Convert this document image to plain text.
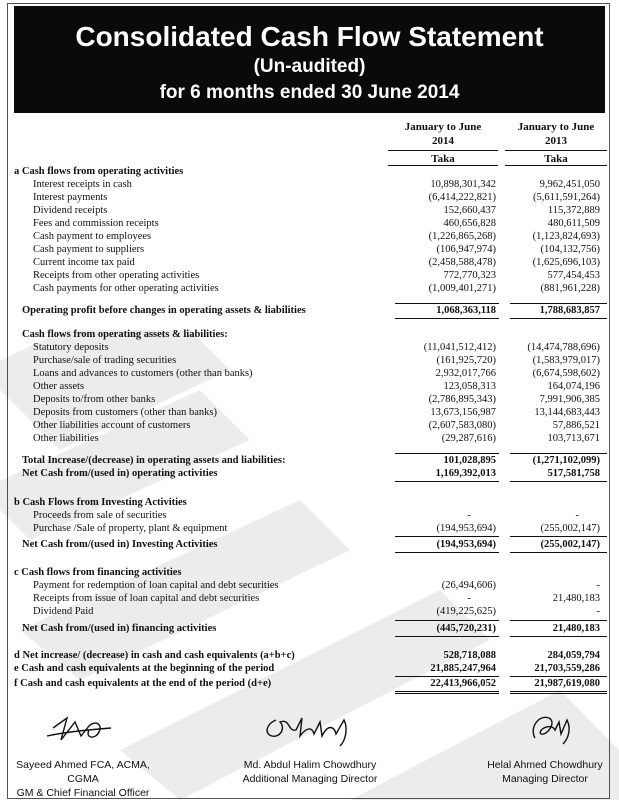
Consolidated Cash Flow Statement
(Un-audited)
for 6 months ended 30 June 2014
January to June
2014
January to June
2013
Taka	Taka
a Cash flows from operating activities
Interest receipts in cash	10,898,301,342	9,962,451,050
Interest payments	(6,414,222,821)	(5,611,591,264)
Dividend receipts	152,660,437	115,372,889
Fees and commission receipts	460,656,828	480,611,509
Cash payment to employees	(1,226,865,268)	(1,123,824,693)
Cash payment to suppliers	(106,947,974)	(104,132,756)
Current income tax paid	(2,458,588,478)	(1,625,696,103)
Receipts from other operating activities	772,770,323	577,454,453
Cash payments for other operating activities	(1,009,401,271)	(881,961,228)
Operating profit before changes in operating assets & liabilities	1,068,363,118	1,788,683,857
Cash flows from operating assets & liabilities:
Statutory deposits	(11,041,512,412)	(14,474,788,696)
Purchase/sale of trading securities	(161,925,720)	(1,583,979,017)
Loans and advances to customers (other than banks)	2,932,017,766	(6,674,598,602)
Other assets	123,058,313	164,074,196
Deposits to/from other banks	(2,786,895,343)	7,991,906,385
Deposits from customers (other than banks)	13,673,156,987	13,144,683,443
Other liabilities account of customers	(2,607,583,080)	57,886,521
Other liabilities	(29,287,616)	103,713,671
Total Increase/(decrease) in operating assets and liabilities:	101,028,895	(1,271,102,099)
Net Cash from/(used in) operating activities	1,169,392,013	517,581,758
b Cash Flows from Investing Activities
Proceeds from sale of securities	-	-
Purchase /Sale of property, plant & equipment	(194,953,694)	(255,002,147)
Net Cash from/(used in) Investing Activities	(194,953,694)	(255,002,147)
c Cash flows from financing activities
Payment for redemption of loan capital and debt securities	(26,494,606)	-
Receipts from issue of loan capital and debt securities	-	21,480,183
Dividend Paid	(419,225,625)	-
Net Cash from/(used in) financing activities	(445,720,231)	21,480,183
d Net increase/ (decrease) in cash and cash equivalents (a+b+c)	528,718,088	284,059,794
e Cash and cash equivalents at the beginning of the period	21,885,247,964	21,703,559,286
f Cash and cash equivalents at the end of the period (d+e)	22,413,966,052	21,987,619,080
Sayeed Ahmed FCA, ACMA, CGMA
GM & Chief Financial Officer
Md. Abdul Halim Chowdhury
Additional Managing Director
Helal Ahmed Chowdhury
Managing Director
